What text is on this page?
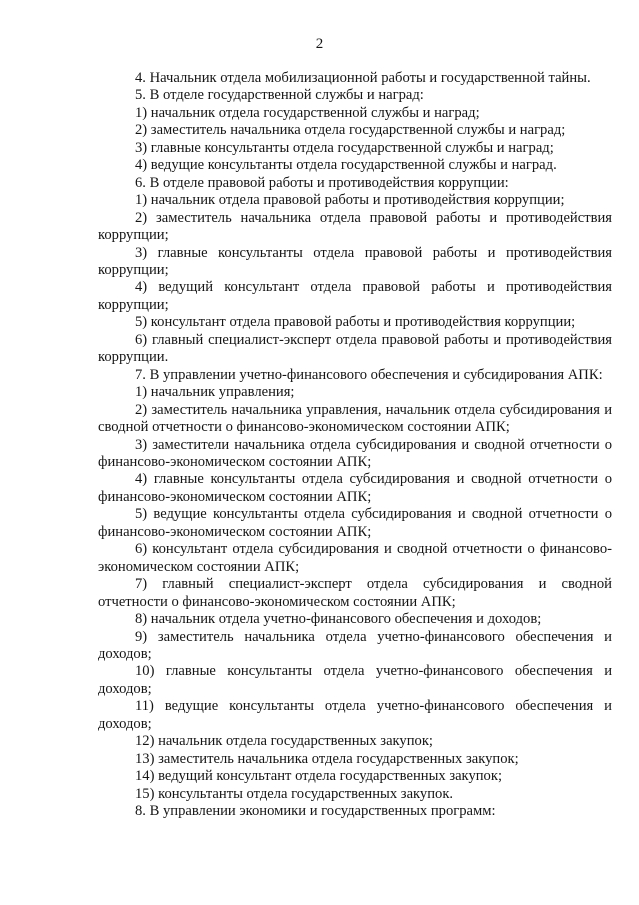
2

4. Начальник отдела мобилизационной работы и государственной тайны.

5. В отделе государственной службы и наград:

1) начальник отдела государственной службы и наград;

2) заместитель начальника отдела государственной службы и наград;

3) главные консультанты отдела государственной службы и наград;

4) ведущие консультанты отдела государственной службы и наград.

6. В отделе правовой работы и противодействия коррупции:

1) начальник отдела правовой работы и противодействия коррупции;

2) заместитель начальника отдела правовой работы и противодействия коррупции;

3) главные консультанты отдела правовой работы и противодействия коррупции;

4) ведущий консультант отдела правовой работы и противодействия коррупции;

5) консультант отдела правовой работы и противодействия коррупции;

6) главный специалист-эксперт отдела правовой работы и противодействия коррупции.

7. В управлении учетно-финансового обеспечения и субсидирования АПК:

1) начальник управления;

2) заместитель начальника управления, начальник отдела субсидирования и сводной отчетности о финансово-экономическом состоянии АПК;

3) заместители начальника отдела субсидирования и сводной отчетности о финансово-экономическом состоянии АПК;

4) главные консультанты отдела субсидирования и сводной отчетности о финансово-экономическом состоянии АПК;

5) ведущие консультанты отдела субсидирования и сводной отчетности о финансово-экономическом состоянии АПК;

6) консультант отдела субсидирования и сводной отчетности о финансово-экономическом состоянии АПК;

7) главный специалист-эксперт отдела субсидирования и сводной отчетности о финансово-экономическом состоянии АПК;

8) начальник отдела учетно-финансового обеспечения и доходов;

9) заместитель начальника отдела учетно-финансового обеспечения и доходов;

10) главные консультанты отдела учетно-финансового обеспечения и доходов;

11) ведущие консультанты отдела учетно-финансового обеспечения и доходов;

12) начальник отдела государственных закупок;

13) заместитель начальника отдела государственных закупок;

14) ведущий консультант отдела государственных закупок;

15) консультанты отдела государственных закупок.

8. В управлении экономики и государственных программ:
